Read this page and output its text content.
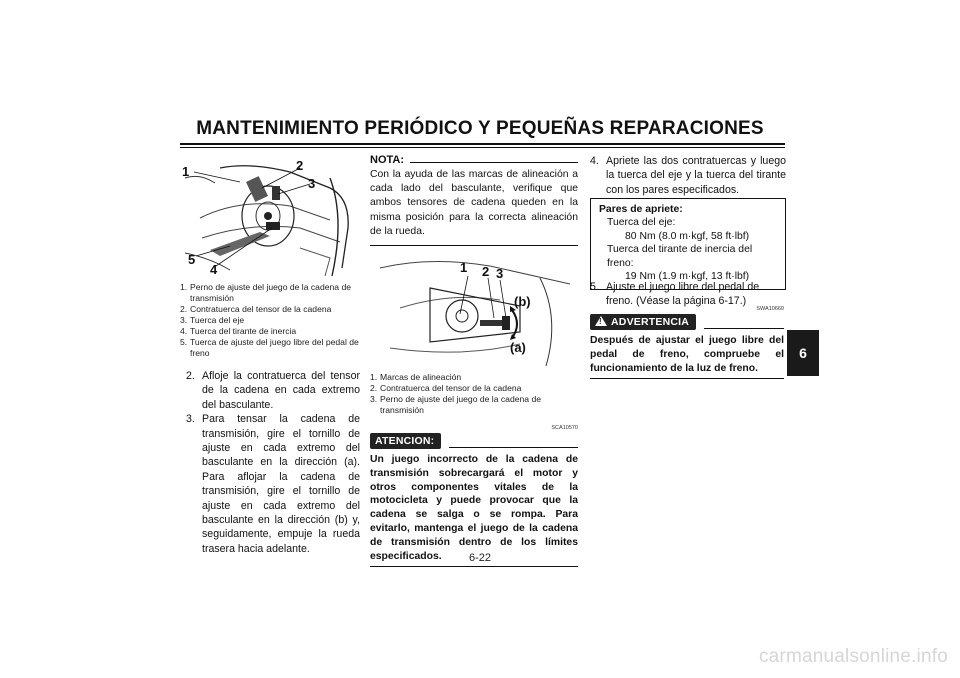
MANTENIMIENTO PERIÓDICO Y PEQUEÑAS REPARACIONES
1	2
3
4
5
1. Perno de ajuste del juego de la cadena de transmisión
2. Contratuerca del tensor de la cadena
3. Tuerca del eje
4. Tuerca del tirante de inercia
5. Tuerca de ajuste del juego libre del pedal de freno
2. Afloje la contratuerca del tensor de la cadena en cada extremo del basculante.
3. Para tensar la cadena de transmisión, gire el tornillo de ajuste en cada extremo del basculante en la dirección (a). Para aflojar la cadena de transmisión, gire el tornillo de ajuste en cada extremo del basculante en la dirección (b) y, seguidamente, empuje la rueda trasera hacia adelante.
NOTA:
Con la ayuda de las marcas de alineación a cada lado del basculante, verifique que ambos tensores de cadena queden en la misma posición para la correcta alineación de la rueda.
1 2 3
(b)
(a)
1. Marcas de alineación
2. Contratuerca del tensor de la cadena
3. Perno de ajuste del juego de la cadena de transmisión
SCA10570
ATENCION:
Un juego incorrecto de la cadena de transmisión sobrecargará el motor y otros componentes vitales de la motocicleta y puede provocar que la cadena se salga o se rompa. Para evitarlo, mantenga el juego de la cadena de transmisión dentro de los límites especificados.
4. Apriete las dos contratuercas y luego la tuerca del eje y la tuerca del tirante con los pares especificados.
Pares de apriete:
Tuerca del eje:
80 Nm (8.0 m·kgf, 58 ft·lbf)
Tuerca del tirante de inercia del freno:
19 Nm (1.9 m·kgf, 13 ft·lbf)
5. Ajuste el juego libre del pedal de freno. (Véase la página 6-17.)
SWA10660
! ADVERTENCIA
Después de ajustar el juego libre del pedal de freno, compruebe el funcionamiento de la luz de freno.
6
6-22
carmanualsonline.info
